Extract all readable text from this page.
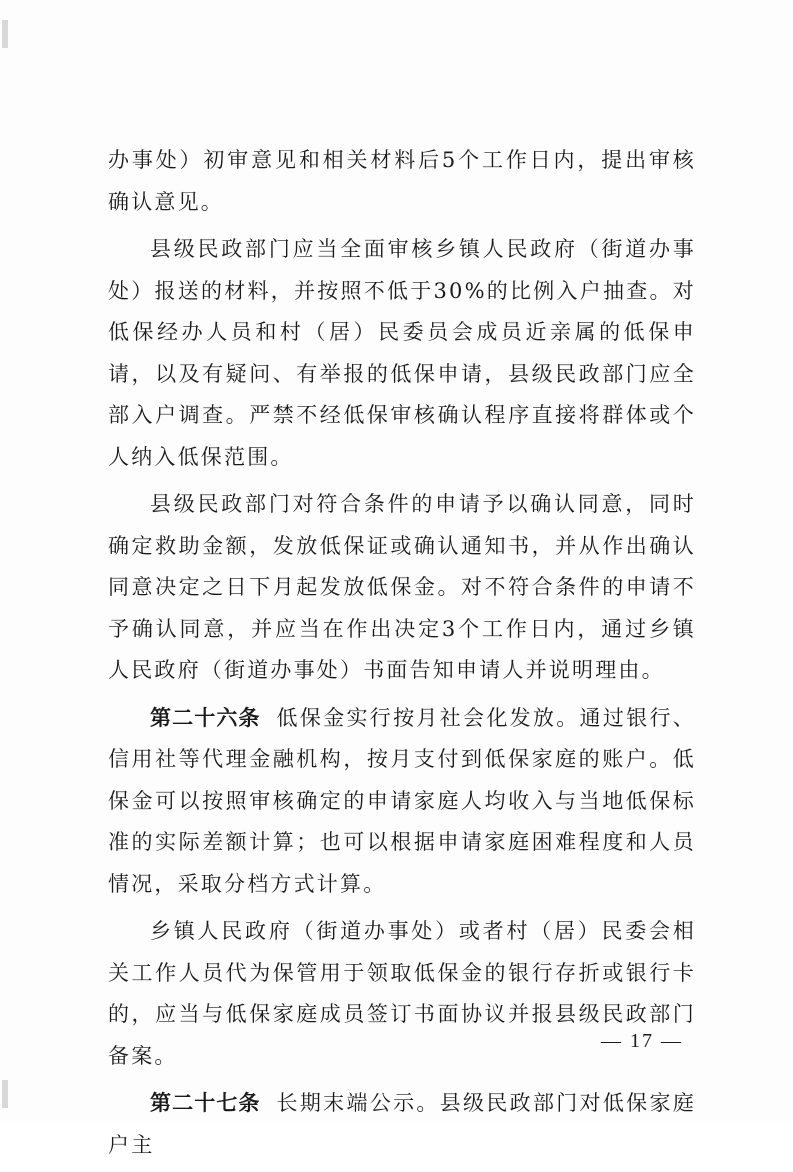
办事处）初审意见和相关材料后5个工作日内，提出审核确认意见。

县级民政部门应当全面审核乡镇人民政府（街道办事处）报送的材料，并按照不低于30%的比例入户抽查。对低保经办人员和村（居）民委员会成员近亲属的低保申请，以及有疑问、有举报的低保申请，县级民政部门应全部入户调查。严禁不经低保审核确认程序直接将群体或个人纳入低保范围。

县级民政部门对符合条件的申请予以确认同意，同时确定救助金额，发放低保证或确认通知书，并从作出确认同意决定之日下月起发放低保金。对不符合条件的申请不予确认同意，并应当在作出决定3个工作日内，通过乡镇人民政府（街道办事处）书面告知申请人并说明理由。

第二十六条 低保金实行按月社会化发放。通过银行、信用社等代理金融机构，按月支付到低保家庭的账户。低保金可以按照审核确定的申请家庭人均收入与当地低保标准的实际差额计算；也可以根据申请家庭困难程度和人员情况，采取分档方式计算。

乡镇人民政府（街道办事处）或者村（居）民委会相关工作人员代为保管用于领取低保金的银行存折或银行卡的，应当与低保家庭成员签订书面协议并报县级民政部门备案。

第二十七条 长期末端公示。县级民政部门对低保家庭户主

— 17 —
